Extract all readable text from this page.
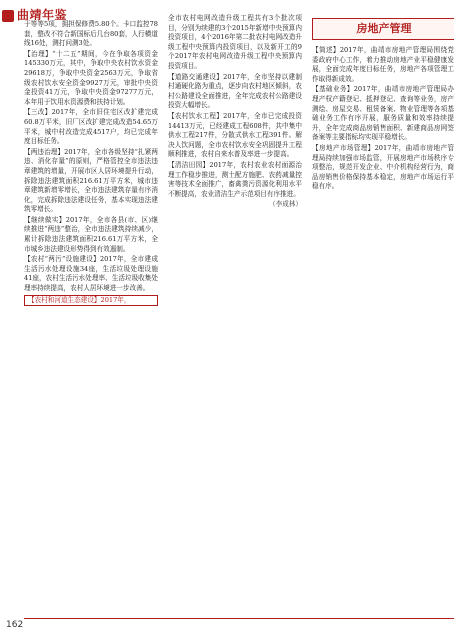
曲靖年鉴

于等等5项，拥担保修费5.80个。卡口监控78套，整改不符合新国标后几台80套，人行横道线16处，测打问测3处。

【治理】“十二五”期间，今在争取各项资金145330万元，其中，争取中央农村饮水资金29618万，争取中央资金2563万元，争取省级农村饮水安全资金9927万元，审批中央资金投资41万元，争取中央资金97277万元，本年用于饮用水资源费和扶持计划。

【三改】2017年，全市旧住宅区改扩建完成60.8万平米，旧厂区改扩建完成改造54.65万平米，城中村改造完成4517户，均已完成年度目标任务。

【两违治理】2017年，全市各级坚持“扎紧两违、消化存量”的原则，严格管控全市违法违章建筑的增量，开展市区人居环境提升行动，拆除违法建筑面积216.61万平方米，城市违章建筑新增零增长，全市违法建筑存量有序消化，完成拆除违法建设任务，基本实现违法建筑零增长。

【继续做实】2017年，全市各县(市、区)继续推进“两违”整治，全市违法建筑持续减少，累计拆除违法建筑面积216.61万平方米，全市城乡违法建设形势得到有效遏制。

【农村“两污”设施建设】2017年，全市建成生活污水处理设施34座，生活垃圾处理设施41座，农村生活污水处理率、生活垃圾收集处理率持续提高，农村人居环境进一步改善。

【农村和河道生态建设】2017年，

全市农村电网改造升级工程共有3个批次项目，分别为续建的3个2015年新增中央预算内投资项目，4个2016年第二批农村电网改造升级工程中央预算内投资项目，以及新开工的9个2017年农村电网改造升级工程中央预算内投资项目。

【道路交通建设】2017年，全市坚持以建制村通硬化路为重点，逐步向农村地区倾斜，农村公路建设全面推进，全年完成农村公路建设投资大幅增长。

【农村饮水工程】2017年，全市已完成投资14413万元，已经建成工程608件，共中集中供水工程217件，分散式供水工程391件。解决人饮问题，全市农村饮水安全巩固提升工程顺利推进，农村自来水普及率进一步提高。

【清洁田园】2017年，农村农业农村面源治理工作稳步推进，测土配方施肥、农药减量控害等技术全面推广，畜禽粪污资源化利用水平不断提高，农业清洁生产示范项目有序推进。

（李成林）

房地产管理

【简述】2017年，曲靖市房地产管理局围绕党委政府中心工作，着力推动房地产业平稳健康发展，全面完成年度目标任务，房地产各项管理工作取得新成效。

【基础业务】2017年，曲靖市房地产管理局办理产权产籍登记、抵押登记、查询等业务，房产测绘、房屋交易、租赁备案、物业管理等各项基础业务工作有序开展，服务质量和效率持续提升，全年完成商品房销售面积、新建商品房网签备案等主要指标均实现平稳增长。

【房地产市场管理】2017年，曲靖市房地产管理局持续加强市场监管，开展房地产市场秩序专项整治，规范开发企业、中介机构经营行为，商品房销售价格保持基本稳定，房地产市场运行平稳有序。

162
